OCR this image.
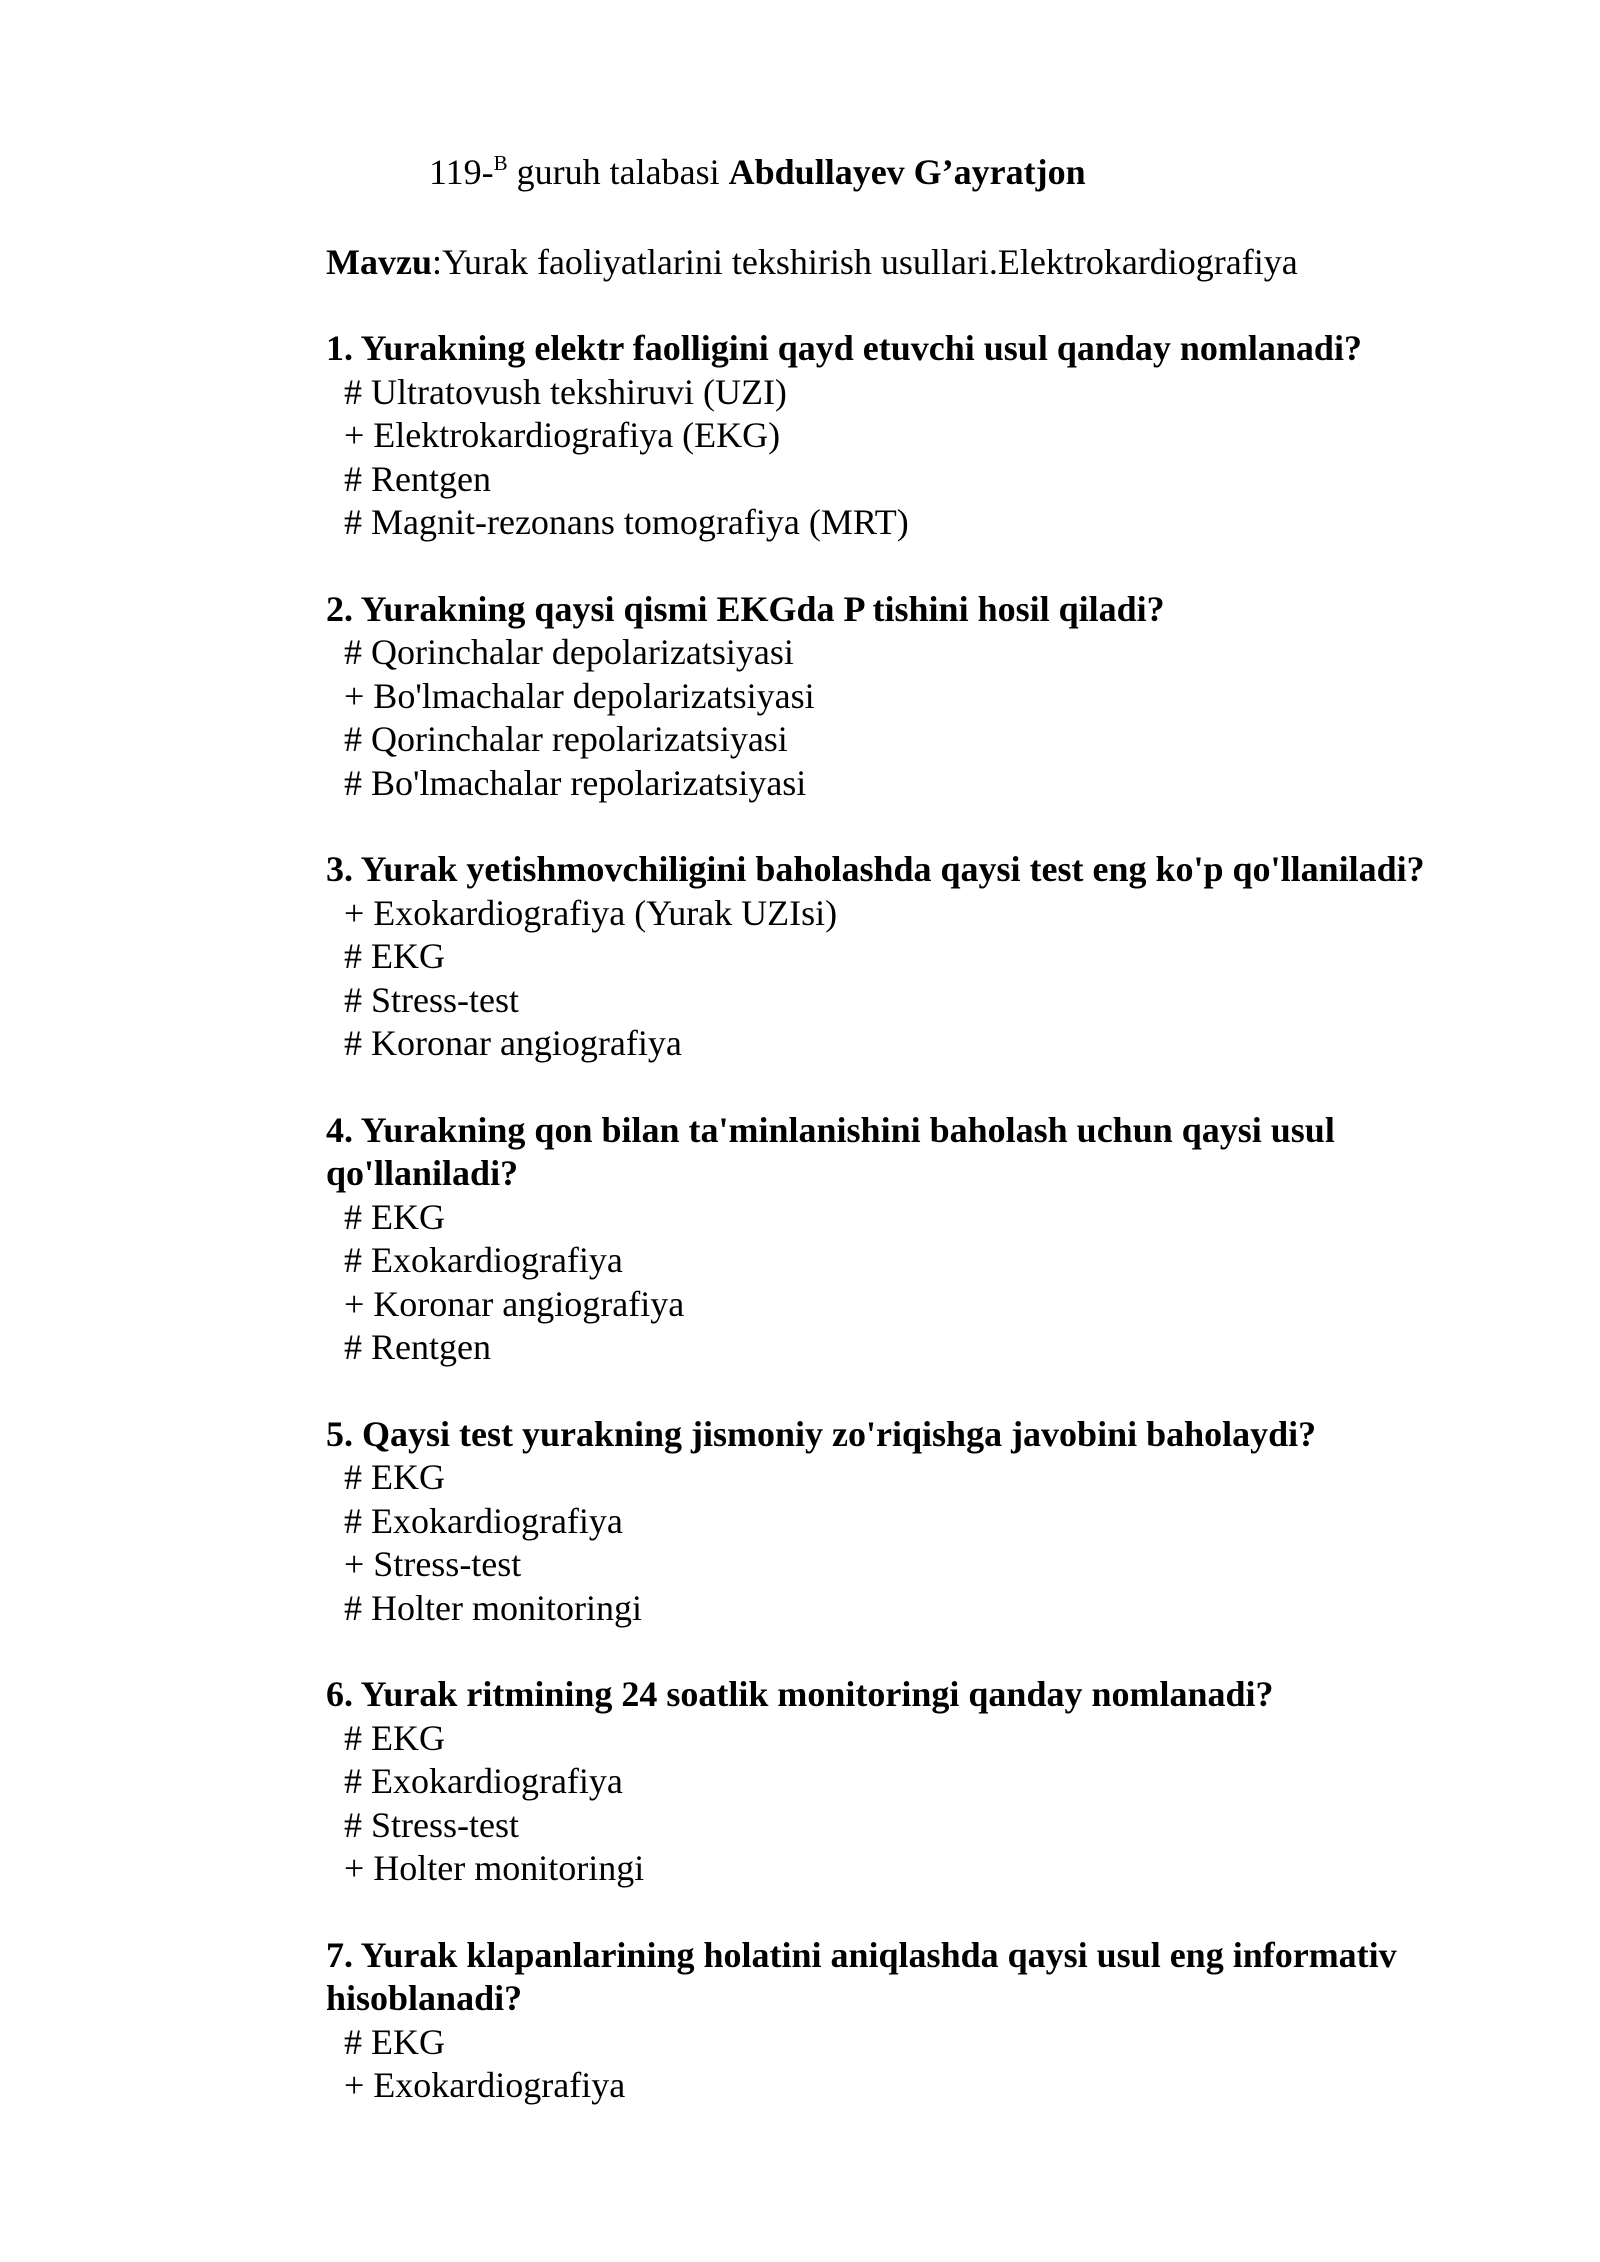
119-$^B$ guruh talabasi Abdullayev G’ayratjon
Mavzu:Yurak faoliyatlarini tekshirish usullari.Elektrokardiografiya

1. Yurakning elektr faolligini qayd etuvchi usul qanday nomlanadi?

# Ultratovush tekshiruvi (UZI)

+ Elektrokardiografiya (EKG)

# Rentgen

# Magnit-rezonans tomografiya (MRT)

2. Yurakning qaysi qismi EKGda P tishini hosil qiladi?

# Qorinchalar depolarizatsiyasi

+ Bo'lmachalar depolarizatsiyasi

# Qorinchalar repolarizatsiyasi

# Bo'lmachalar repolarizatsiyasi

3. Yurak yetishmovchiligini baholashda qaysi test eng ko'p qo'llaniladi?

+ Exokardiografiya (Yurak UZIsi)

# EKG

# Stress-test

# Koronar angiografiya

4. Yurakning qon bilan ta'minlanishini baholash uchun qaysi usul qo'llaniladi?

# EKG

# Exokardiografiya

+ Koronar angiografiya

# Rentgen

5. Qaysi test yurakning jismoniy zo'riqishga javobini baholaydi?

# EKG

# Exokardiografiya

+ Stress-test

# Holter monitoringi

6. Yurak ritmining 24 soatlik monitoringi qanday nomlanadi?

# EKG

# Exokardiografiya

# Stress-test

+ Holter monitoringi

7. Yurak klapanlarining holatini aniqlashda qaysi usul eng informativ hisoblanadi?

# EKG

+ Exokardiografiya
